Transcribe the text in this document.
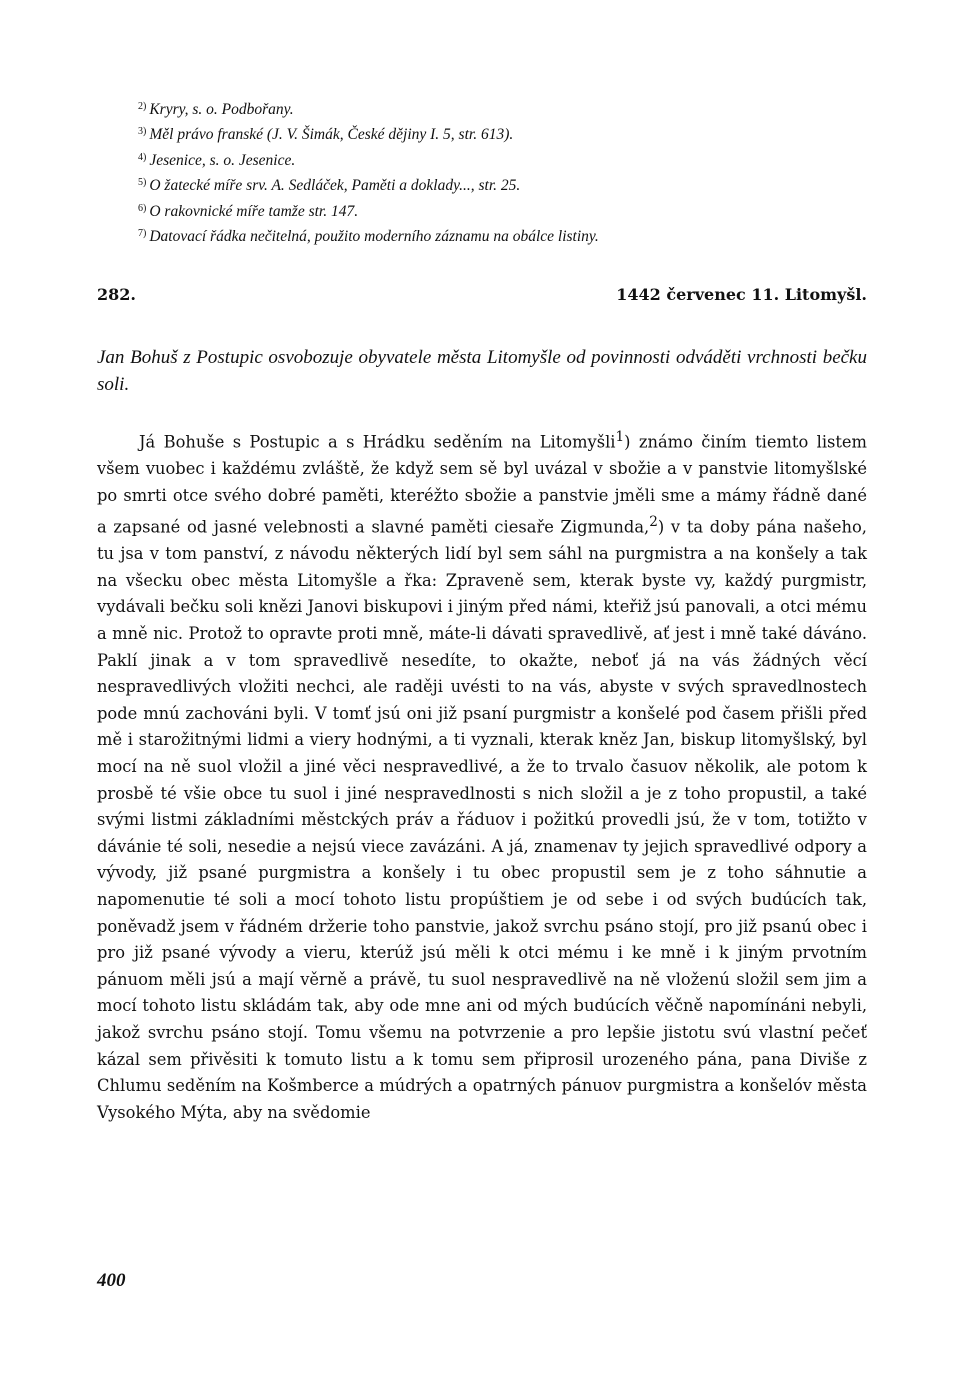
$^{2)}$ Kryry, s. o. Podbořany.
$^{3)}$ Měl právo franské (J. V. Šimák, České dějiny I. 5, str. 613).
$^{4)}$ Jesenice, s. o. Jesenice.
$^{5)}$ O žatecké míře srv. A. Sedláček, Paměti a doklady..., str. 25.
$^{6)}$ O rakovnické míře tamže str. 147.
$^{7)}$ Datovací řádka nečitelná, použito moderního záznamu na obálce listiny.
282.	1442 červenec 11. Litomyšl.

Jan Bohuš z Postupic osvobozuje obyvatele města Litomyšle od povinnosti odváděti vrchnosti bečku soli.

Já Bohuše s Postupic a s Hrádku seděním na Litomyšli$^1$) známo činím tiemto listem všem vuobec i každému zvláště, že když sem sě byl uvázal v sbožie a v panstvie litomyšlské po smrti otce svého dobré paměti, kteréžto sbožie a panstvie jměli sme a mámy řádně dané a zapsané od jasné velebnosti a slavné paměti ciesaře Zigmunda,$^2$) v ta doby pána našeho, tu jsa v tom panství, z návodu některých lidí byl sem sáhl na purgmistra a na konšely a tak na všecku obec města Litomyšle a řka: Zpraveně sem, kterak byste vy, každý purgmistr, vydávali bečku soli knězi Janovi biskupovi i jiným před námi, kteřiž jsú panovali, a otci mému a mně nic. Protož to opravte proti mně, máte-li dávati spravedlivě, ať jest i mně také dáváno. Paklí jinak a v tom spravedlivě nesedíte, to okažte, neboť já na vás žádných věcí nespravedlivých vložiti nechci, ale raději uvésti to na vás, abyste v svých spravedlnostech pode mnú zachováni byli. V tomť jsú oni již psaní purgmistr a konšelé pod časem přišli před mě i starožitnými lidmi a viery hodnými, a ti vyznali, kterak kněz Jan, biskup litomyšlský, byl mocí na ně suol vložil a jiné věci nespravedlivé, a že to trvalo časuov několik, ale potom k prosbě té všie obce tu suol i jiné nespravedlnosti s nich složil a je z toho propustil, a také svými listmi základními městckých práv a řáduov i požitkú provedli jsú, že v tom, totižto v dávánie té soli, nesedie a nejsú viece zavázáni. A já, znamenav ty jejich spravedlivé odpory a vývody, již psané purgmistra a konšely i tu obec propustil sem je z toho sáhnutie a napomenutie té soli a mocí tohoto listu propúštiem je od sebe i od svých budúcích tak, poněvadž jsem v řádném držerie toho panstvie, jakož svrchu psáno stojí, pro již psanú obec i pro již psané vývody a vieru, kterúž jsú měli k otci mému i ke mně i k jiným prvotním pánuom měli jsú a mají věrně a právě, tu suol nespravedlivě na ně vloženú složil sem jim a mocí tohoto listu skládám tak, aby ode mne ani od mých budúcích věčně napomínáni nebyli, jakož svrchu psáno stojí. Tomu všemu na potvrzenie a pro lepšie jistotu svú vlastní pečeť kázal sem přivěsiti k tomuto listu a k tomu sem připrosil urozeného pána, pana Diviše z Chlumu seděním na Košmberce a múdrých a opatrných pánuov purgmistra a konšelóv města Vysokého Mýta, aby na svědomie

400
